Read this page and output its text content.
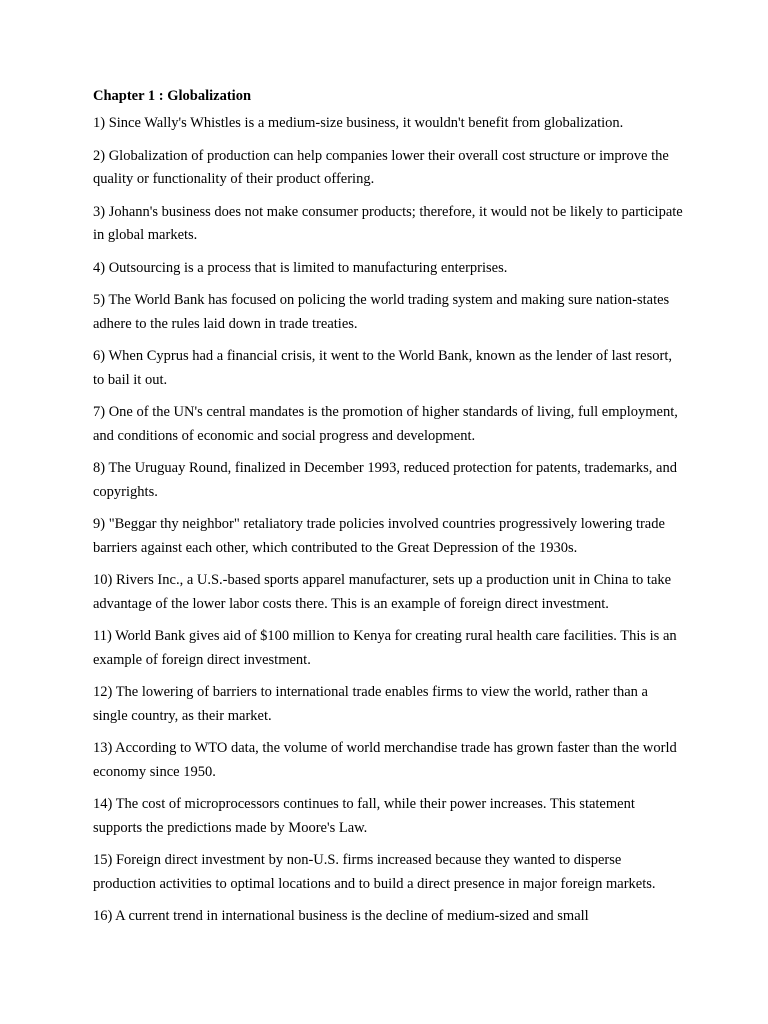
Chapter 1 : Globalization
1) Since Wally's Whistles is a medium-size business, it wouldn't benefit from globalization.
2) Globalization of production can help companies lower their overall cost structure or improve the quality or functionality of their product offering.
3) Johann's business does not make consumer products; therefore, it would not be likely to participate in global markets.
4) Outsourcing is a process that is limited to manufacturing enterprises.
5) The World Bank has focused on policing the world trading system and making sure nation-states adhere to the rules laid down in trade treaties.
6) When Cyprus had a financial crisis, it went to the World Bank, known as the lender of last resort, to bail it out.
7) One of the UN's central mandates is the promotion of higher standards of living, full employment, and conditions of economic and social progress and development.
8) The Uruguay Round, finalized in December 1993, reduced protection for patents, trademarks, and copyrights.
9) "Beggar thy neighbor" retaliatory trade policies involved countries progressively lowering trade barriers against each other, which contributed to the Great Depression of the 1930s.
10) Rivers Inc., a U.S.-based sports apparel manufacturer, sets up a production unit in China to take advantage of the lower labor costs there. This is an example of foreign direct investment.
11) World Bank gives aid of $100 million to Kenya for creating rural health care facilities. This is an example of foreign direct investment.
12) The lowering of barriers to international trade enables firms to view the world, rather than a single country, as their market.
13) According to WTO data, the volume of world merchandise trade has grown faster than the world economy since 1950.
14) The cost of microprocessors continues to fall, while their power increases. This statement supports the predictions made by Moore's Law.
15) Foreign direct investment by non-U.S. firms increased because they wanted to disperse production activities to optimal locations and to build a direct presence in major foreign markets.
16) A current trend in international business is the decline of medium-sized and small
